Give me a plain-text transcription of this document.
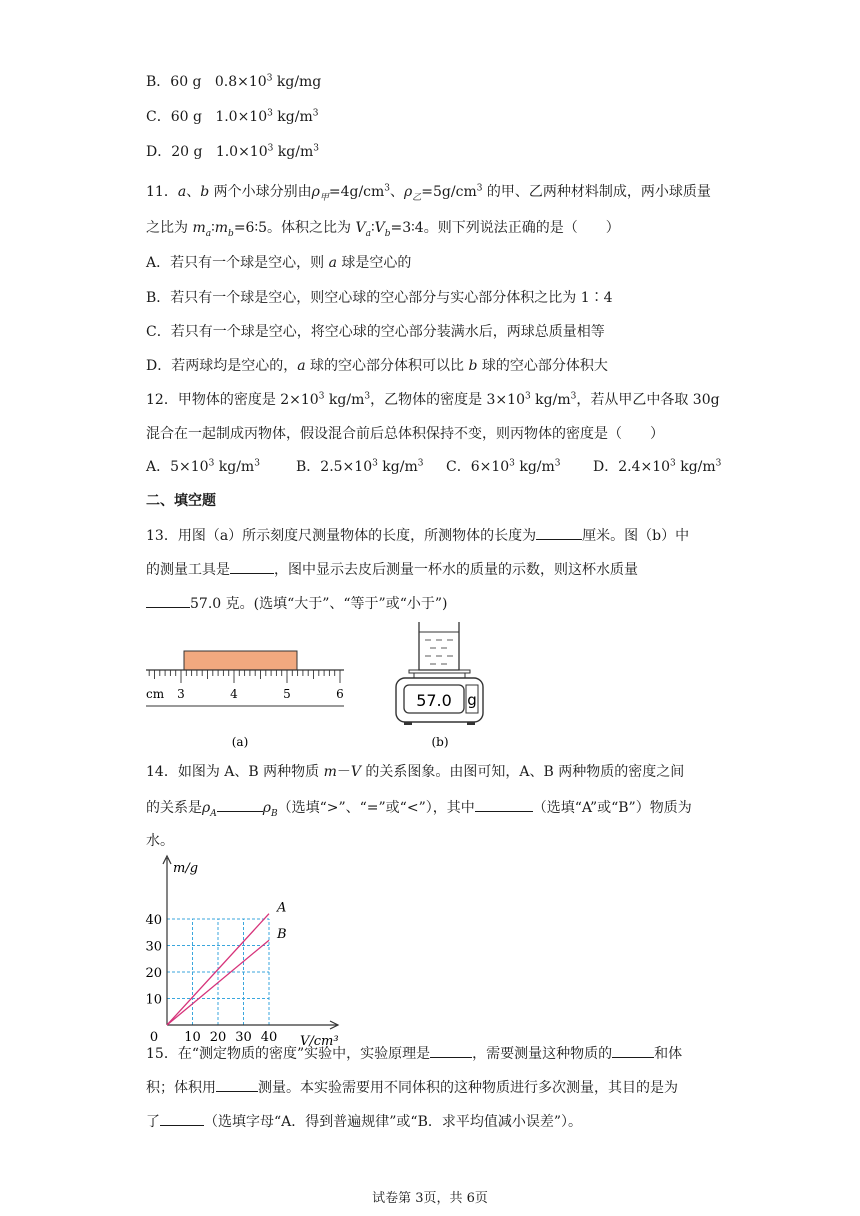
B．60 g $0.8\times 10^3$ kg/mg
C．60 g $1.0\times 10^3$ $kg/m^3$
D．20 g $1.0\times 10^3$ $kg/m^3$
11．a、b 两个小球分别由$\rho_甲=4g/cm^3$、$\rho_乙=5g/cm^3$ 的甲、乙两种材料制成，两小球质量
之比为 $m_a∶m_b=6∶5$。体积之比为 $V_a∶V_b=3∶4$。则下列说法正确的是（　　）
A．若只有一个球是空心，则 a 球是空心的
B．若只有一个球是空心，则空心球的空心部分与实心部分体积之比为 1∶4
C．若只有一个球是空心，将空心球的空心部分装满水后，两球总质量相等
D．若两球均是空心的，a 球的空心部分体积可以比 b 球的空心部分体积大
12．甲物体的密度是 $2\times 10^3$ $kg/m^3$，乙物体的密度是 $3\times 10^3$ $kg/m^3$，若从甲乙中各取 30g
混合在一起制成丙物体，假设混合前后总体积保持不变，则丙物体的密度是（　　）
A．$5\times 10^3$ $kg/m^3$	B．$2.5\times 10^3$ $kg/m^3$ C．$6\times 10^3$ $kg/m^3$ D．$2.4\times 10^3$ $kg/m^3$
二、填空题
13．用图（a）所示刻度尺测量物体的长度，所测物体的长度为	厘米。图（b）中
的测量工具是	，图中显示去皮后测量一杯水的质量的示数，则这杯水质量
57.0 克。(选填“大于”、“等于”或“小于”)
cm 3	4	5	6
(a)
57.0 g
(b)
14．如图为 A、B 两种物质 m－V 的关系图象。由图可知，A、B 两种物质的密度之间
的关系是$\rho_A$	$\rho_B$（选填“>”、“=”或“<”），其中	（选填“A”或“B”）物质为
水。
A
B
10 20 30 40
10
20
30
40
0
m/g
V/cm³
15．在“测定物质的密度”实验中，实验原理是	，需要测量这种物质的	和体
积；体积用	测量。本实验需要用不同体积的这种物质进行多次测量，其目的是为
了	（选填字母“A．得到普遍规律”或“B．求平均值减小误差”）。
试卷第 3页，共 6页
